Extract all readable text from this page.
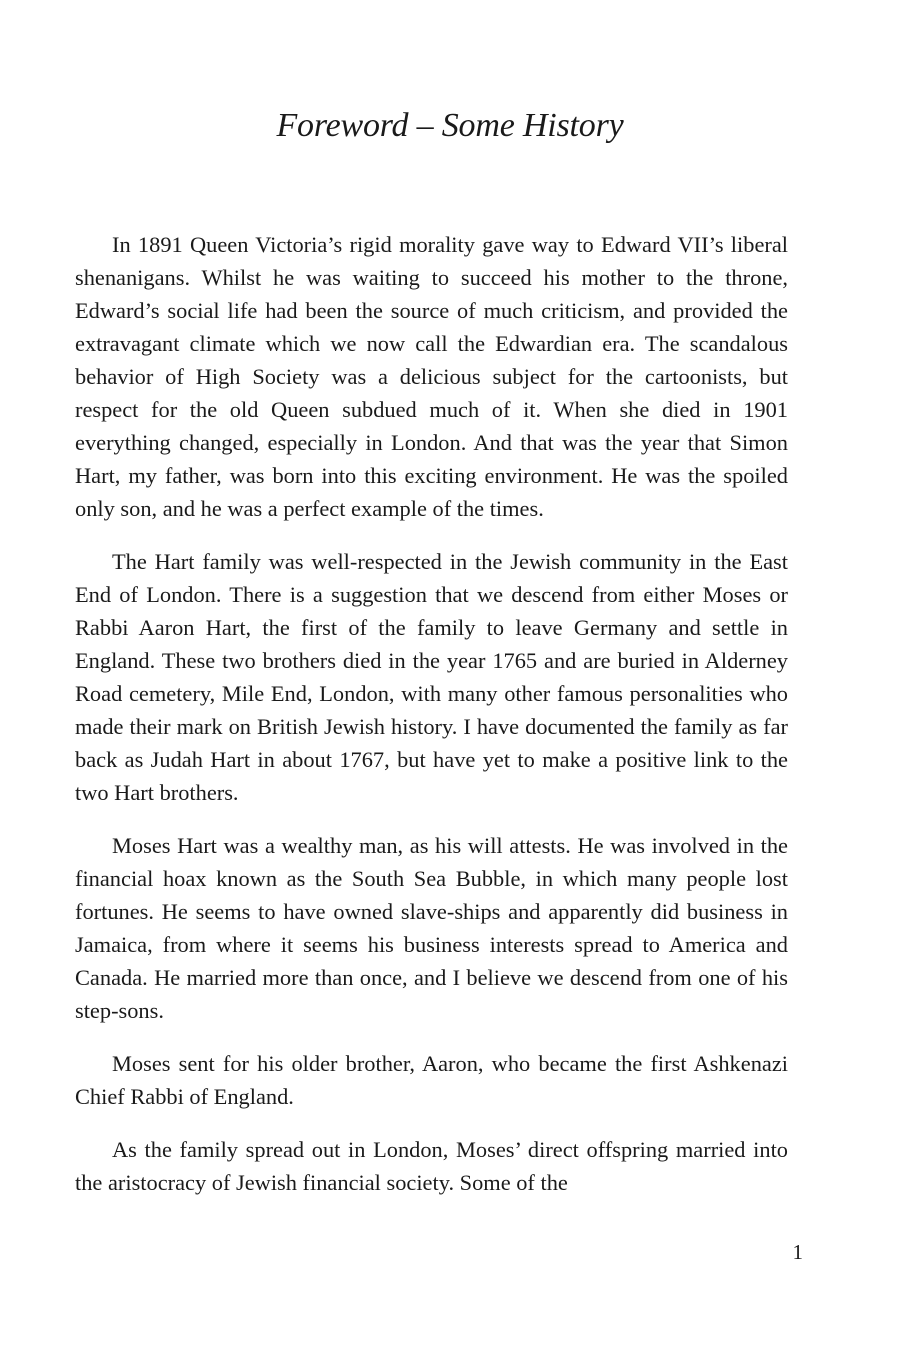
Foreword – Some History

In 1891 Queen Victoria’s rigid morality gave way to Edward VII’s liberal shenanigans. Whilst he was waiting to succeed his mother to the throne, Edward’s social life had been the source of much criticism, and provided the extravagant climate which we now call the Edwardian era. The scandalous behavior of High Society was a delicious subject for the cartoonists, but respect for the old Queen subdued much of it. When she died in 1901 everything changed, especially in London. And that was the year that Simon Hart, my father, was born into this exciting environment. He was the spoiled only son, and he was a perfect example of the times.

The Hart family was well-respected in the Jewish community in the East End of London. There is a suggestion that we descend from either Moses or Rabbi Aaron Hart, the first of the family to leave Germany and settle in England. These two brothers died in the year 1765 and are buried in Alderney Road cemetery, Mile End, London, with many other famous personalities who made their mark on British Jewish history. I have documented the family as far back as Judah Hart in about 1767, but have yet to make a positive link to the two Hart brothers.

Moses Hart was a wealthy man, as his will attests. He was involved in the financial hoax known as the South Sea Bubble, in which many people lost fortunes. He seems to have owned slave-ships and apparently did business in Jamaica, from where it seems his business interests spread to America and Canada. He married more than once, and I believe we descend from one of his step-sons.

Moses sent for his older brother, Aaron, who became the first Ashkenazi Chief Rabbi of England.

As the family spread out in London, Moses’ direct offspring married into the aristocracy of Jewish financial society. Some of the

1
